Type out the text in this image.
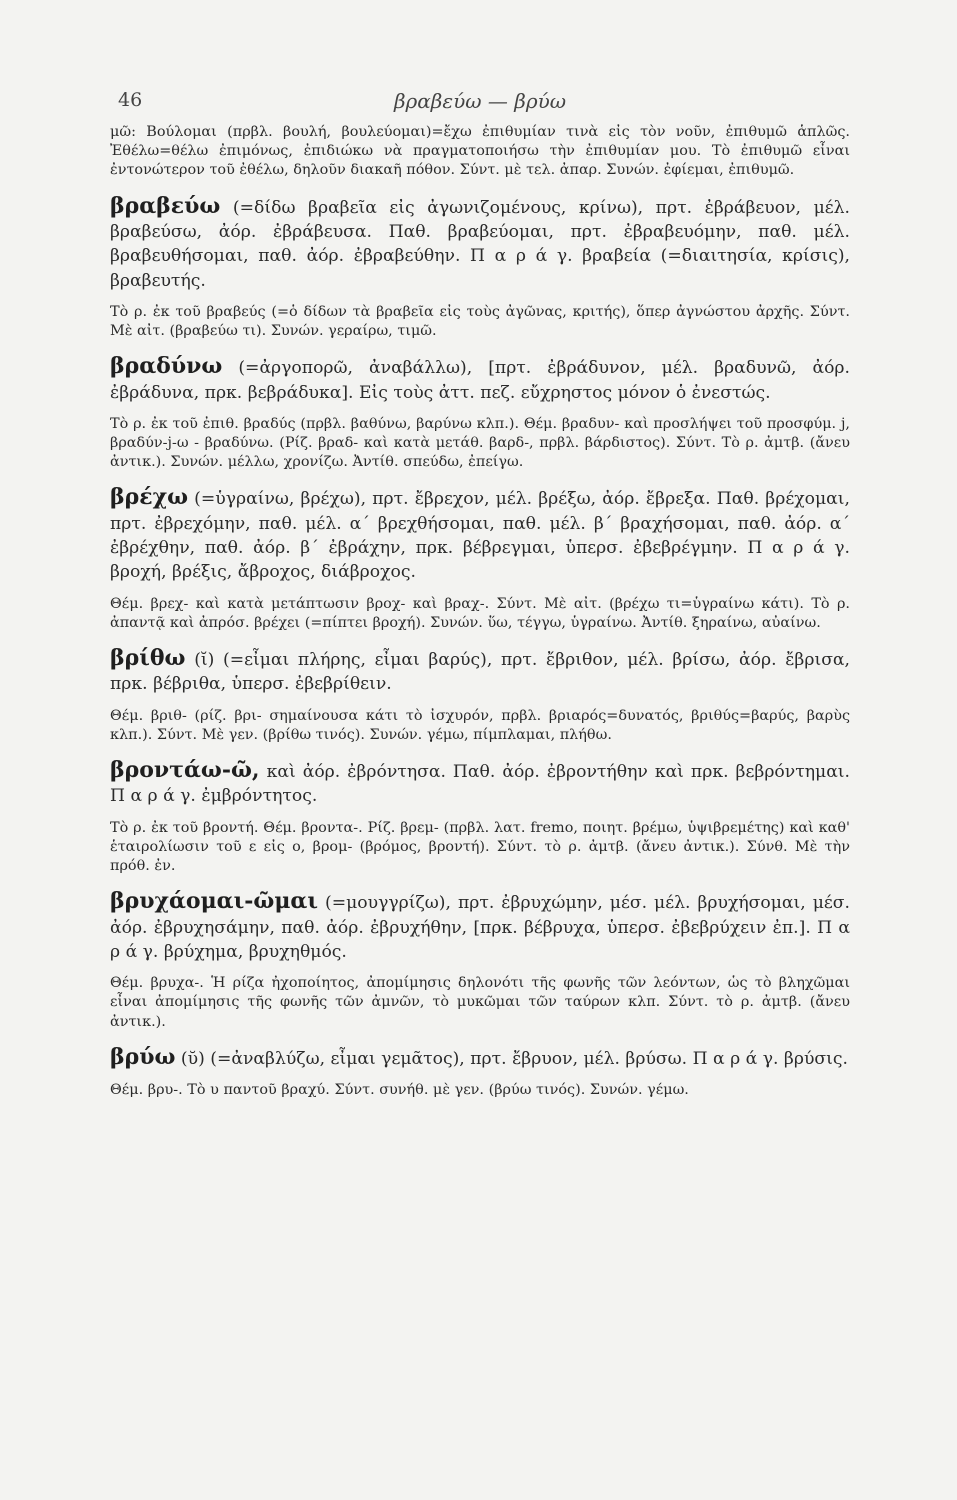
46	βραβεύω — βρύω

μῶ: Βούλομαι (πρβλ. βουλή, βουλεύομαι)=ἔχω ἐπιθυμίαν τινὰ εἰς τὸν νοῦν, ἐπιθυμῶ ἁπλῶς. Ἐθέλω=θέλω ἐπιμόνως, ἐπιδιώκω νὰ πραγματοποιήσω τὴν ἐπιθυμίαν μου. Τὸ ἐπιθυμῶ εἶναι ἐντονώτερον τοῦ ἐθέλω, δηλοῦν διακαῆ πόθον. Σύντ. μὲ τελ. ἀπαρ. Συνών. ἐφίεμαι, ἐπιθυμῶ.

βραβεύω (=δίδω βραβεῖα εἰς ἀγωνιζομένους, κρίνω), πρτ. ἐβράβευον, μέλ. βραβεύσω, ἀόρ. ἐβράβευσα. Παθ. βραβεύομαι, πρτ. ἐβραβευόμην, παθ. μέλ. βραβευθήσομαι, παθ. ἀόρ. ἐβραβεύθην. Π α ρ ά γ. βραβεία (=διαιτησία, κρίσις), βραβευτής.

Τὸ ρ. ἐκ τοῦ βραβεύς (=ὁ δίδων τὰ βραβεῖα εἰς τοὺς ἀγῶνας, κριτής), ὅπερ ἀγνώστου ἀρχῆς. Σύντ. Μὲ αἰτ. (βραβεύω τι). Συνών. γεραίρω, τιμῶ.

βραδύνω (=ἀργοπορῶ, ἀναβάλλω), [πρτ. ἐβράδυνον, μέλ. βραδυνῶ, ἀόρ. ἐβράδυνα, πρκ. βεβράδυκα]. Εἰς τοὺς ἀττ. πεζ. εὔχρηστος μόνον ὁ ἐνεστώς.

Τὸ ρ. ἐκ τοῦ ἐπιθ. βραδύς (πρβλ. βαθύνω, βαρύνω κλπ.). Θέμ. βραδυν- καὶ προσλήψει τοῦ προσφύμ. j, βραδύν-j-ω - βραδύνω. (Ρίζ. βραδ- καὶ κατὰ μετάθ. βαρδ-, πρβλ. βάρδιστος). Σύντ. Τὸ ρ. ἀμτβ. (ἄνευ ἀντικ.). Συνών. μέλλω, χρονίζω. Ἀντίθ. σπεύδω, ἐπείγω.

βρέχω (=ὑγραίνω, βρέχω), πρτ. ἔβρεχον, μέλ. βρέξω, ἀόρ. ἔβρεξα. Παθ. βρέχομαι, πρτ. ἐβρεχόμην, παθ. μέλ. α΄ βρεχθήσομαι, παθ. μέλ. β΄ βραχήσομαι, παθ. ἀόρ. α΄ ἐβρέχθην, παθ. ἀόρ. β΄ ἐβράχην, πρκ. βέβρεγμαι, ὑπερσ. ἐβεβρέγμην. Π α ρ ά γ. βροχή, βρέξις, ἄβροχος, διάβροχος.

Θέμ. βρεχ- καὶ κατὰ μετάπτωσιν βροχ- καὶ βραχ-. Σύντ. Μὲ αἰτ. (βρέχω τι=ὑγραίνω κάτι). Τὸ ρ. ἀπαντᾷ καὶ ἀπρόσ. βρέχει (=πίπτει βροχή). Συνών. ὕω, τέγγω, ὑγραίνω. Ἀντίθ. ξηραίνω, αὐαίνω.

βρίθω (ῐ) (=εἶμαι πλήρης, εἶμαι βαρύς), πρτ. ἔβριθον, μέλ. βρίσω, ἀόρ. ἔβρισα, πρκ. βέβριθα, ὑπερσ. ἐβεβρίθειν.

Θέμ. βριθ- (ρίζ. βρι- σημαίνουσα κάτι τὸ ἰσχυρόν, πρβλ. βριαρός=δυνατός, βριθύς=βαρύς, βαρὺς κλπ.). Σύντ. Μὲ γεν. (βρίθω τινός). Συνών. γέμω, πίμπλαμαι, πλήθω.

βροντάω-ῶ, καὶ ἀόρ. ἐβρόντησα. Παθ. ἀόρ. ἐβροντήθην καὶ πρκ. βεβρόντημαι. Π α ρ ά γ. ἐμβρόντητος.

Τὸ ρ. ἐκ τοῦ βροντή. Θέμ. βροντα-. Ρίζ. βρεμ- (πρβλ. λατ. fremo, ποιητ. βρέμω, ὑψιβρεμέτης) καὶ καθ' ἑταιρολίωσιν τοῦ ε εἰς ο, βρομ- (βρόμος, βροντή). Σύντ. τὸ ρ. ἀμτβ. (ἄνευ ἀντικ.). Σύνθ. Μὲ τὴν πρόθ. ἐν.

βρυχάομαι-ῶμαι (=μουγγρίζω), πρτ. ἐβρυχώμην, μέσ. μέλ. βρυχήσομαι, μέσ. ἀόρ. ἐβρυχησάμην, παθ. ἀόρ. ἐβρυχήθην, [πρκ. βέβρυχα, ὑπερσ. ἐβεβρύχειν ἐπ.]. Π α ρ ά γ. βρύχημα, βρυχηθμός.

Θέμ. βρυχα-. Ἡ ρίζα ἠχοποίητος, ἀπομίμησις δηλονότι τῆς φωνῆς τῶν λεόντων, ὡς τὸ βληχῶμαι εἶναι ἀπομίμησις τῆς φωνῆς τῶν ἀμνῶν, τὸ μυκῶμαι τῶν ταύρων κλπ. Σύντ. τὸ ρ. ἀμτβ. (ἄνευ ἀντικ.).

βρύω (ῠ) (=ἀναβλύζω, εἶμαι γεμᾶτος), πρτ. ἔβρυον, μέλ. βρύσω. Π α ρ ά γ. βρύσις.

Θέμ. βρυ-. Τὸ υ παντοῦ βραχύ. Σύντ. συνήθ. μὲ γεν. (βρύω τινός). Συνών. γέμω.
